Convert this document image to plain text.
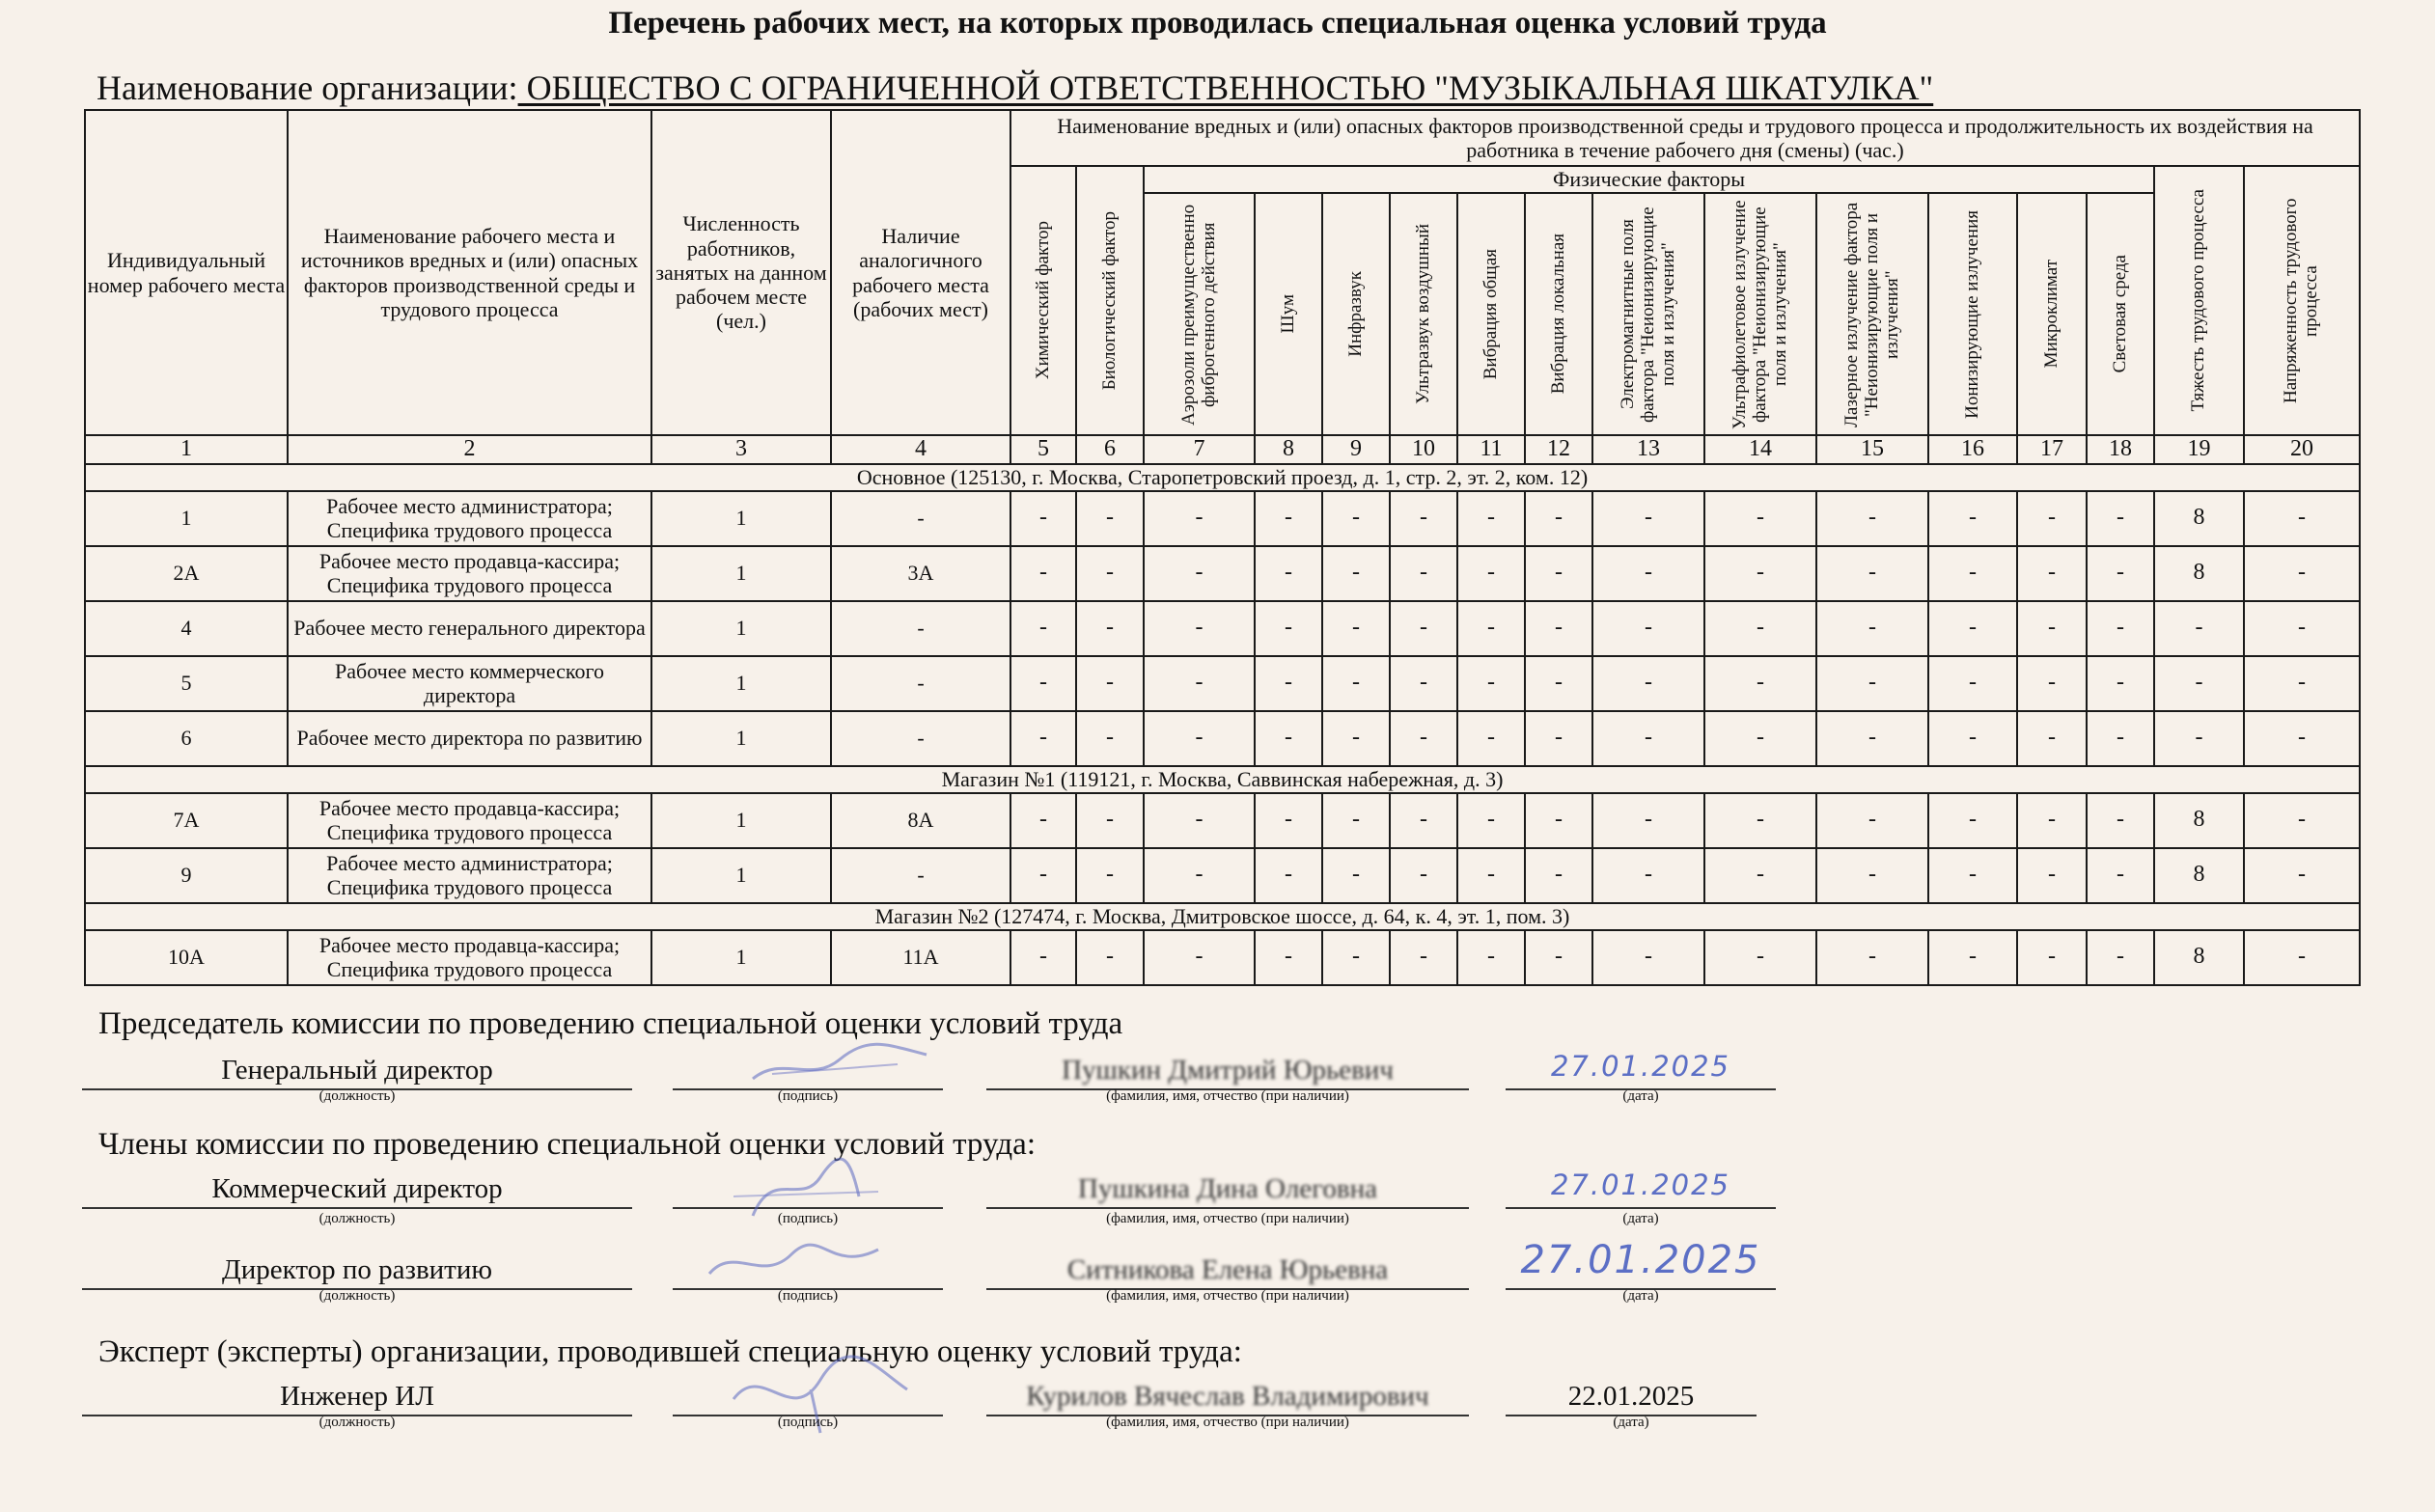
Перечень рабочих мест, на которых проводилась специальная оценка условий труда
Наименование организации: ОБЩЕСТВО С ОГРАНИЧЕННОЙ ОТВЕТСТВЕННОСТЬЮ "МУЗЫКАЛЬНАЯ ШКАТУЛКА"
Индивидуальный номер рабочего места	Наименование рабочего места и источников вредных и (или) опасных факторов производственной среды и трудового процесса	Численность работников, занятых на данном рабочем месте (чел.)	Наличие аналогичного рабочего места (рабочих мест)	Наименование вредных и (или) опасных факторов производственной среды и трудового процесса и продолжительность их воздействия на работника в течение рабочего дня (смены) (час.)															

				Химический фактор	Биологический фактор	Физические факторы												Тяжесть трудового процесса	Напряженность трудового процесса

						Аэрозоли преимущественно фиброгенного действия	Шум	Инфразвук	Ультразвук воздушный	Вибрация общая	Вибрация локальная	Электромагнитные поля фактора "Неионизирующие поля и излучения"	Ультрафиолетовое излучение фактора "Неионизирующие поля и излучения"	Лазерное излучение фактора "Неионизирующие поля и излучения"	Ионизирующие излучения	Микроклимат	Световая среда		

1	2	3	4	5	6	7	8	9	10	11	12	13	14	15	16	17	18	19	20
Основное (125130, г. Москва, Старопетровский проезд, д. 1, стр. 2, эт. 2, ком. 12)																			
1	Рабочее место администратора; Специфика трудового процесса	1	-	-	-	-	-	-	-	-	-	-	-	-	-	-	-	8	-
2А	Рабочее место продавца-кассира; Специфика трудового процесса	1	3А	-	-	-	-	-	-	-	-	-	-	-	-	-	-	8	-
4	Рабочее место генерального директора	1	-	-	-	-	-	-	-	-	-	-	-	-	-	-	-	-	-
5	Рабочее место коммерческого директора	1	-	-	-	-	-	-	-	-	-	-	-	-	-	-	-	-	-
6	Рабочее место директора по развитию	1	-	-	-	-	-	-	-	-	-	-	-	-	-	-	-	-	-
Магазин №1 (119121, г. Москва, Саввинская набережная, д. 3)																			
7А	Рабочее место продавца-кассира; Специфика трудового процесса	1	8А	-	-	-	-	-	-	-	-	-	-	-	-	-	-	8	-
9	Рабочее место администратора; Специфика трудового процесса	1	-	-	-	-	-	-	-	-	-	-	-	-	-	-	-	8	-
Магазин №2 (127474, г. Москва, Дмитровское шоссе, д. 64, к. 4, эт. 1, пом. 3)																			
10А	Рабочее место продавца-кассира; Специфика трудового процесса	1	11А	-	-	-	-	-	-	-	-	-	-	-	-	-	-	8	-
Председатель комиссии по проведению специальной оценки условий труда
Генеральный директор
(должность)	(подпись)
Пушкин Дмитрий Юрьевич
(фамилия, имя, отчество (при наличии)
27.01.2025
(дата)
Члены комиссии по проведению специальной оценки условий труда:
Коммерческий директор
(должность)	(подпись)
Пушкина Дина Олеговна
(фамилия, имя, отчество (при наличии)
27.01.2025
(дата)
Директор по развитию
(должность)	(подпись)
Ситникова Елена Юрьевна
(фамилия, имя, отчество (при наличии)
27.01.2025
(дата)
Эксперт (эксперты) организации, проводившей специальную оценку условий труда:
Инженер ИЛ
(должность)	(подпись)
Курилов Вячеслав Владимирович
(фамилия, имя, отчество (при наличии)
22.01.2025
(дата)
